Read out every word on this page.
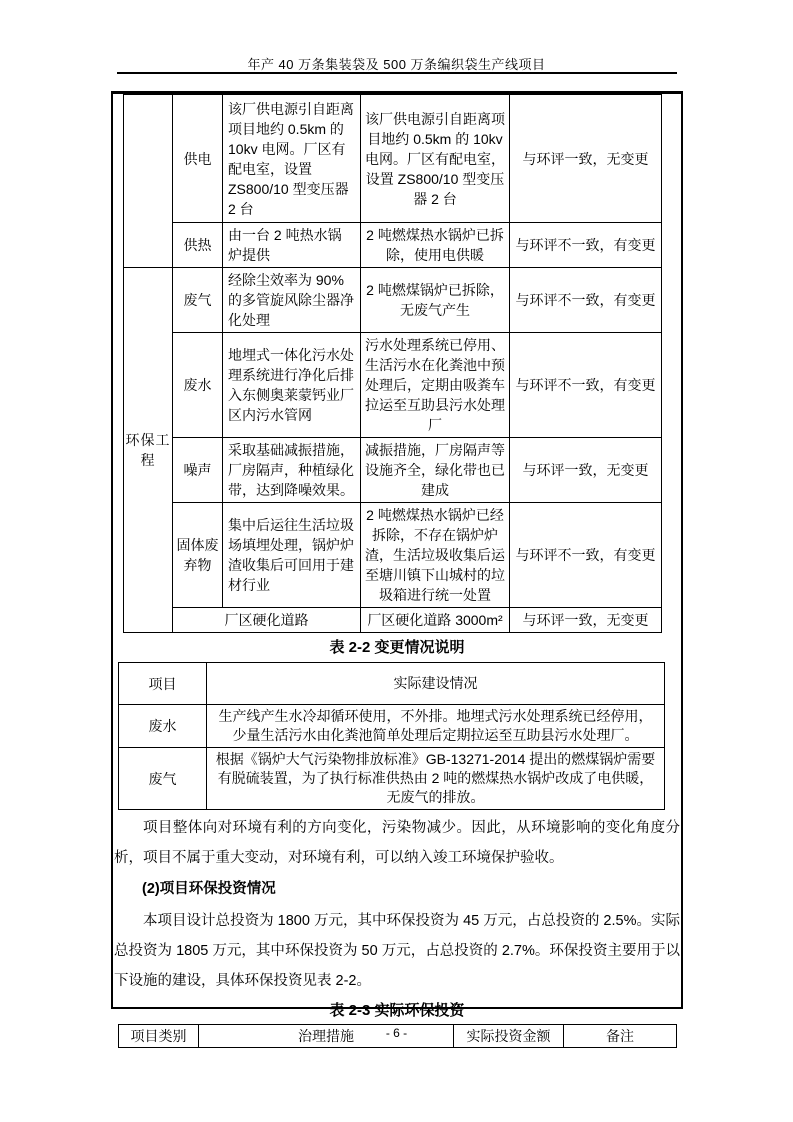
年产 40 万条集装袋及 500 万条编织袋生产线项目
	供电	该厂供电源引自距离项目地约 0.5km 的 10kv 电网。厂区有配电室，设置 ZS800/10 型变压器 2 台	该厂供电源引自距离项目地约 0.5km 的 10kv 电网。厂区有配电室，设置 ZS800/10 型变压器 2 台	与环评一致，无变更
	供热	由一台 2 吨热水锅炉提供	2 吨燃煤热水锅炉已拆除，使用电供暖	与环评不一致，有变更
环保工程	废气	经除尘效率为 90%的多管旋风除尘器净化处理	2 吨燃煤锅炉已拆除，无废气产生	与环评不一致，有变更
	废水	地埋式一体化污水处理系统进行净化后排入东侧奥莱蒙钙业厂区内污水管网	污水处理系统已停用、生活污水在化粪池中预处理后，定期由吸粪车拉运至互助县污水处理厂	与环评不一致，有变更
	噪声	采取基础减振措施，厂房隔声，种植绿化带，达到降噪效果。	减振措施，厂房隔声等设施齐全，绿化带也已建成	与环评一致，无变更
	固体废弃物	集中后运往生活垃圾场填埋处理，锅炉炉渣收集后可回用于建材行业	2 吨燃煤热水锅炉已经拆除，不存在锅炉炉渣，生活垃圾收集后运至塘川镇下山城村的垃圾箱进行统一处置	与环评不一致，有变更
	厂区硬化道路		厂区硬化道路 3000m²	与环评一致，无变更
表 2-2 变更情况说明
项目	实际建设情况
废水	生产线产生水冷却循环使用，不外排。地埋式污水处理系统已经停用，少量生活污水由化粪池简单处理后定期拉运至互助县污水处理厂。
废气	根据《锅炉大气污染物排放标准》GB-13271-2014 提出的燃煤锅炉需要有脱硫装置，为了执行标准供热由 2 吨的燃煤热水锅炉改成了电供暖，无废气的排放。

项目整体向对环境有利的方向变化，污染物减少。因此，从环境影响的变化角度分析，项目不属于重大变动，对环境有利，可以纳入竣工环境保护验收。

(2)项目环保投资情况

本项目设计总投资为 1800 万元，其中环保投资为 45 万元，占总投资的 2.5%。实际总投资为 1805 万元，其中环保投资为 50 万元，占总投资的 2.7%。环保投资主要用于以下设施的建设，具体环保投资见表 2-2。

表 2-3 实际环保投资
项目类别	治理措施	实际投资金额	备注
- 6 -
